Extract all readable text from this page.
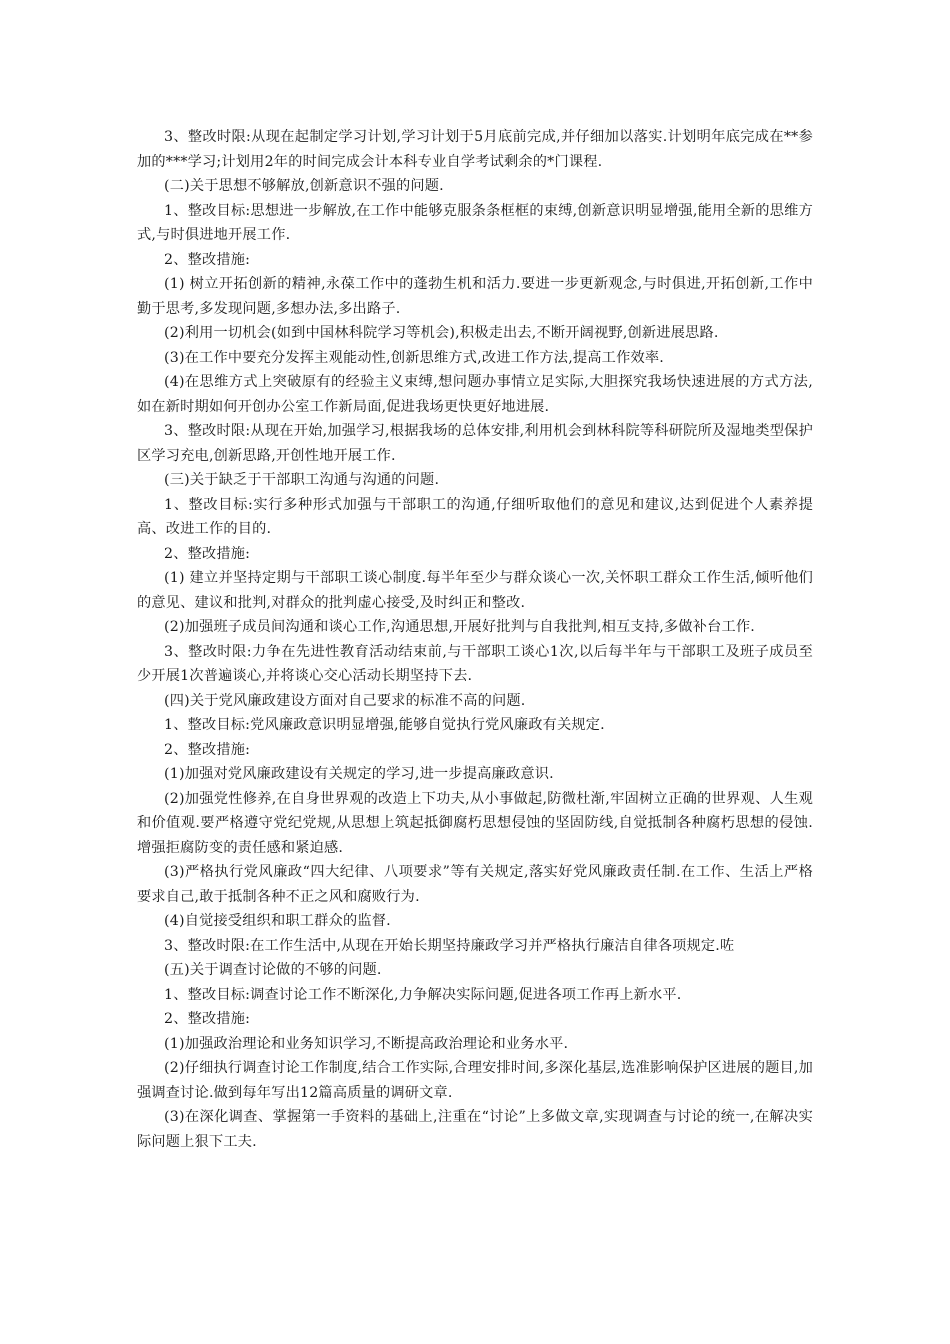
3、整改时限:从现在起制定学习计划,学习计划于5月底前完成,并仔细加以落实.计划明年底完成在**参加的***学习;计划用2年的时间完成会计本科专业自学考试剩余的*门课程.

(二)关于思想不够解放,创新意识不强的问题.

1、整改目标:思想进一步解放,在工作中能够克服条条框框的束缚,创新意识明显增强,能用全新的思维方式,与时俱进地开展工作.

2、整改措施:

(1) 树立开拓创新的精神,永葆工作中的蓬勃生机和活力.要进一步更新观念,与时俱进,开拓创新,工作中勤于思考,多发现问题,多想办法,多出路子.

(2)利用一切机会(如到中国林科院学习等机会),积极走出去,不断开阔视野,创新进展思路.

(3)在工作中要充分发挥主观能动性,创新思维方式,改进工作方法,提高工作效率.

(4)在思维方式上突破原有的经验主义束缚,想问题办事情立足实际,大胆探究我场快速进展的方式方法,如在新时期如何开创办公室工作新局面,促进我场更快更好地进展.

3、整改时限:从现在开始,加强学习,根据我场的总体安排,利用机会到林科院等科研院所及湿地类型保护区学习充电,创新思路,开创性地开展工作.

(三)关于缺乏于干部职工沟通与沟通的问题.

1、整改目标:实行多种形式加强与干部职工的沟通,仔细听取他们的意见和建议,达到促进个人素养提高、改进工作的目的.

2、整改措施:

(1) 建立并坚持定期与干部职工谈心制度.每半年至少与群众谈心一次,关怀职工群众工作生活,倾听他们的意见、建议和批判,对群众的批判虚心接受,及时纠正和整改.

(2)加强班子成员间沟通和谈心工作,沟通思想,开展好批判与自我批判,相互支持,多做补台工作.

3、整改时限:力争在先进性教育活动结束前,与干部职工谈心1次,以后每半年与干部职工及班子成员至少开展1次普遍谈心,并将谈心交心活动长期坚持下去.

(四)关于党风廉政建设方面对自己要求的标准不高的问题.

1、整改目标:党风廉政意识明显增强,能够自觉执行党风廉政有关规定.

2、整改措施:

(1)加强对党风廉政建设有关规定的学习,进一步提高廉政意识.

(2)加强党性修养,在自身世界观的改造上下功夫,从小事做起,防微杜渐,牢固树立正确的世界观、人生观和价值观.要严格遵守党纪党规,从思想上筑起抵御腐朽思想侵蚀的坚固防线,自觉抵制各种腐朽思想的侵蚀.增强拒腐防变的责任感和紧迫感.

(3)严格执行党风廉政“四大纪律、八项要求”等有关规定,落实好党风廉政责任制.在工作、生活上严格要求自己,敢于抵制各种不正之风和腐败行为.

(4)自觉接受组织和职工群众的监督.

3、整改时限:在工作生活中,从现在开始长期坚持廉政学习并严格执行廉洁自律各项规定.咗

(五)关于调查讨论做的不够的问题.

1、整改目标:调查讨论工作不断深化,力争解决实际问题,促进各项工作再上新水平.

2、整改措施:

(1)加强政治理论和业务知识学习,不断提高政治理论和业务水平.

(2)仔细执行调查讨论工作制度,结合工作实际,合理安排时间,多深化基层,选准影响保护区进展的题目,加强调查讨论.做到每年写出12篇高质量的调研文章.

(3)在深化调查、掌握第一手资料的基础上,注重在“讨论”上多做文章,实现调查与讨论的统一,在解决实际问题上狠下工夫.
